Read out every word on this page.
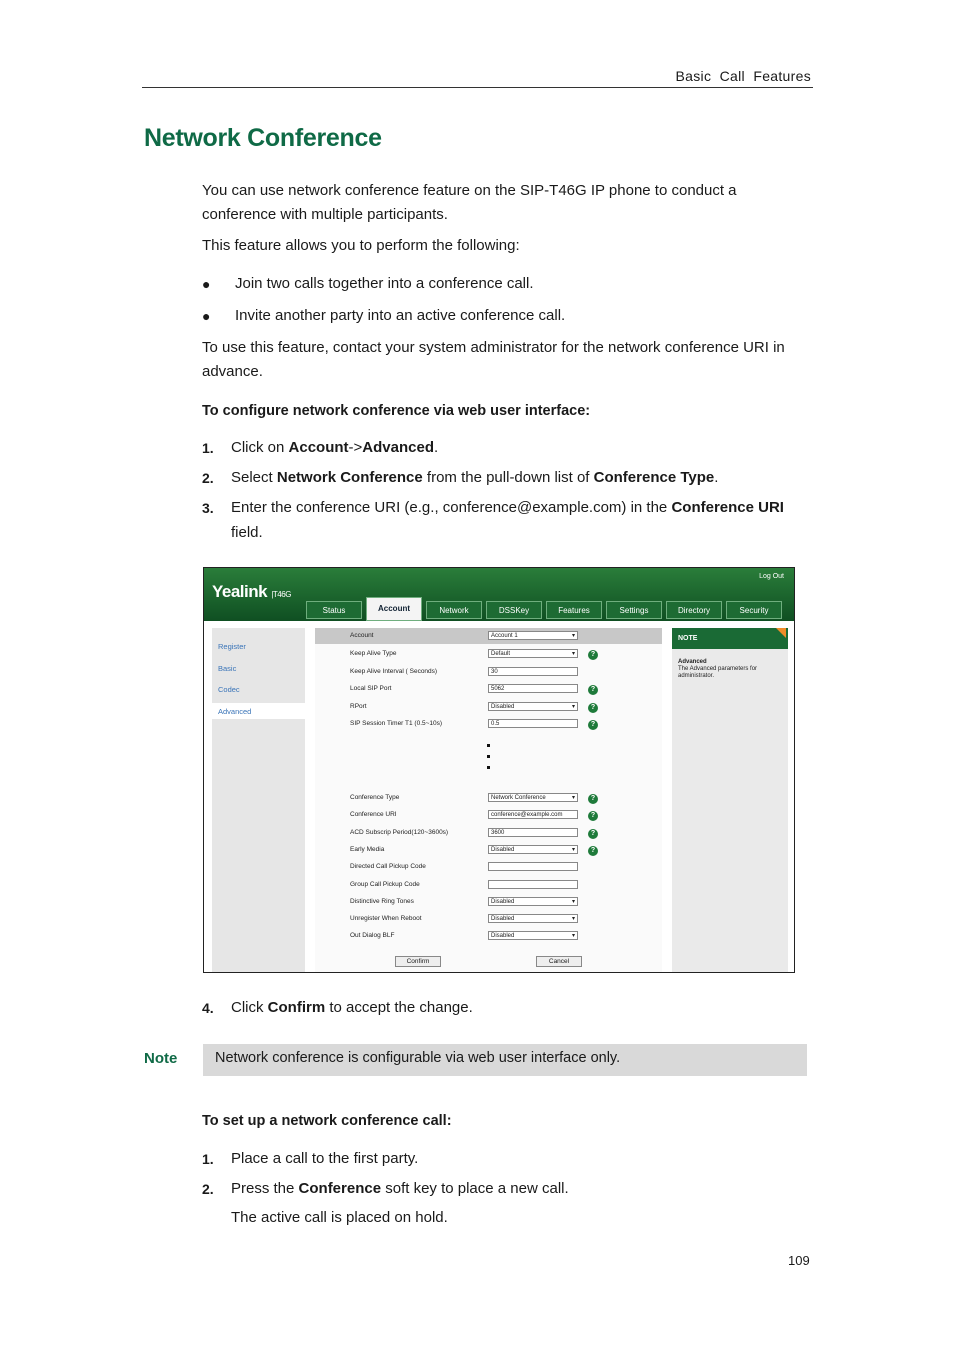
Basic  Call  Features
Network Conference
You can use network conference feature on the SIP-T46G IP phone to conduct a
conference with multiple participants.
This feature allows you to perform the following:
● Join two calls together into a conference call.
● Invite another party into an active conference call.
To use this feature, contact your system administrator for the network conference URI in
advance.
To configure network conference via web user interface:
1. Click on Account->Advanced.
2. Select Network Conference from the pull-down list of Conference Type.
3. Enter the conference URI (e.g., conference@example.com) in the Conference URI
field.
Yealink |T46G
Log Out
Status	Account	Network	DSSKey	Features	Settings	Directory	Security
Register
Basic
Codec
Advanced
Account	Account 1 ▾
Keep Alive Type	Default ▾	?
Keep Alive Interval ( Seconds)	30
Local SIP Port	5062	?
RPort	Disabled ▾	?
SIP Session Timer T1 (0.5~10s)	0.5	?
Conference Type	Network Conference ▾	?
Conference URI	conference@example.com	?
ACD Subscrip Period(120~3600s)	3600	?
Early Media	Disabled ▾	?
Directed Call Pickup Code
Group Call Pickup Code
Distinctive Ring Tones	Disabled ▾
Unregister When Reboot	Disabled ▾
Out Dialog BLF	Disabled ▾
Confirm	Cancel
NOTE
Advanced
The Advanced parameters for administrator.
4. Click Confirm to accept the change.
Note	Network conference is configurable via web user interface only.
To set up a network conference call:
1. Place a call to the first party.
2. Press the Conference soft key to place a new call.
The active call is placed on hold.
109
